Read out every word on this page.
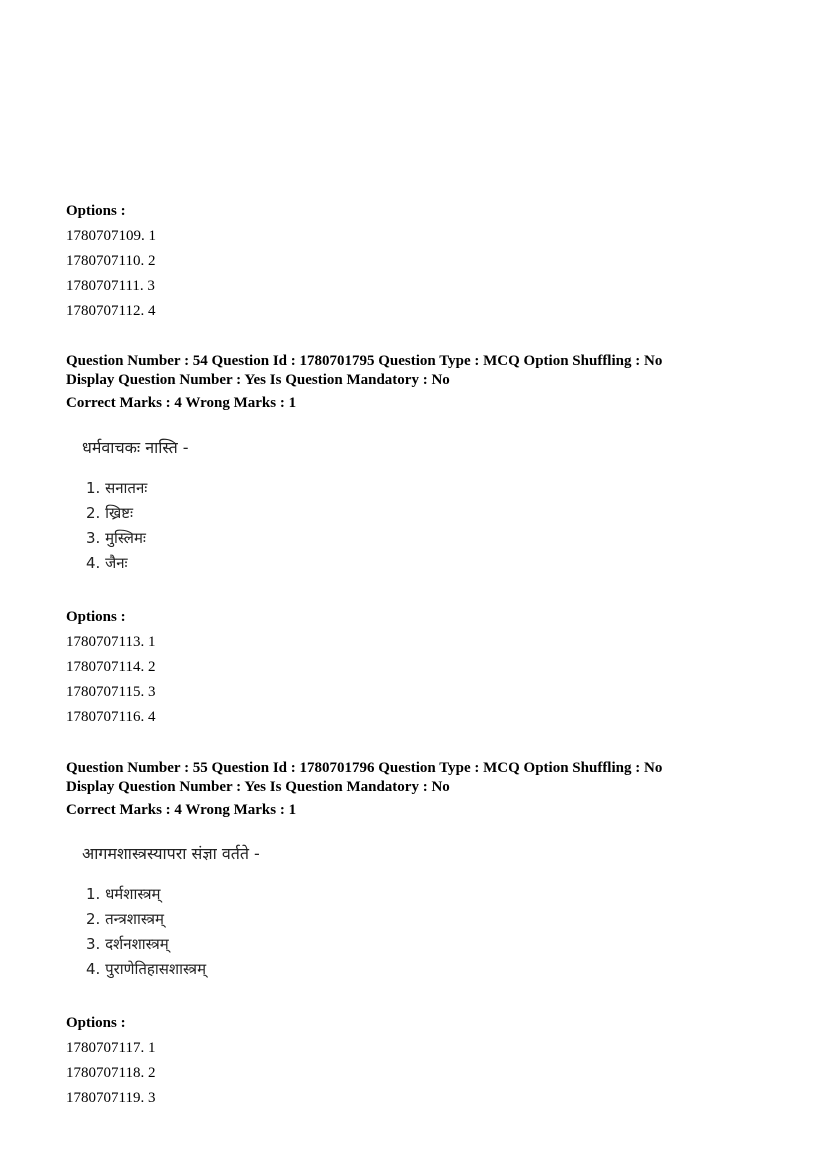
Options :
1780707109. 1
1780707110. 2
1780707111. 3
1780707112. 4
Question Number : 54 Question Id : 1780701795 Question Type : MCQ Option Shuffling : No
Display Question Number : Yes Is Question Mandatory : No
Correct Marks : 4 Wrong Marks : 1
धर्मवाचकः नास्ति -
1. सनातनः
2. ख्रिष्टः
3. मुस्लिमः
4. जैनः
Options :
1780707113. 1
1780707114. 2
1780707115. 3
1780707116. 4
Question Number : 55 Question Id : 1780701796 Question Type : MCQ Option Shuffling : No
Display Question Number : Yes Is Question Mandatory : No
Correct Marks : 4 Wrong Marks : 1
आगमशास्त्रस्यापरा संज्ञा वर्तते -
1. धर्मशास्त्रम्
2. तन्त्रशास्त्रम्
3. दर्शनशास्त्रम्
4. पुराणेतिहासशास्त्रम्
Options :
1780707117. 1
1780707118. 2
1780707119. 3
